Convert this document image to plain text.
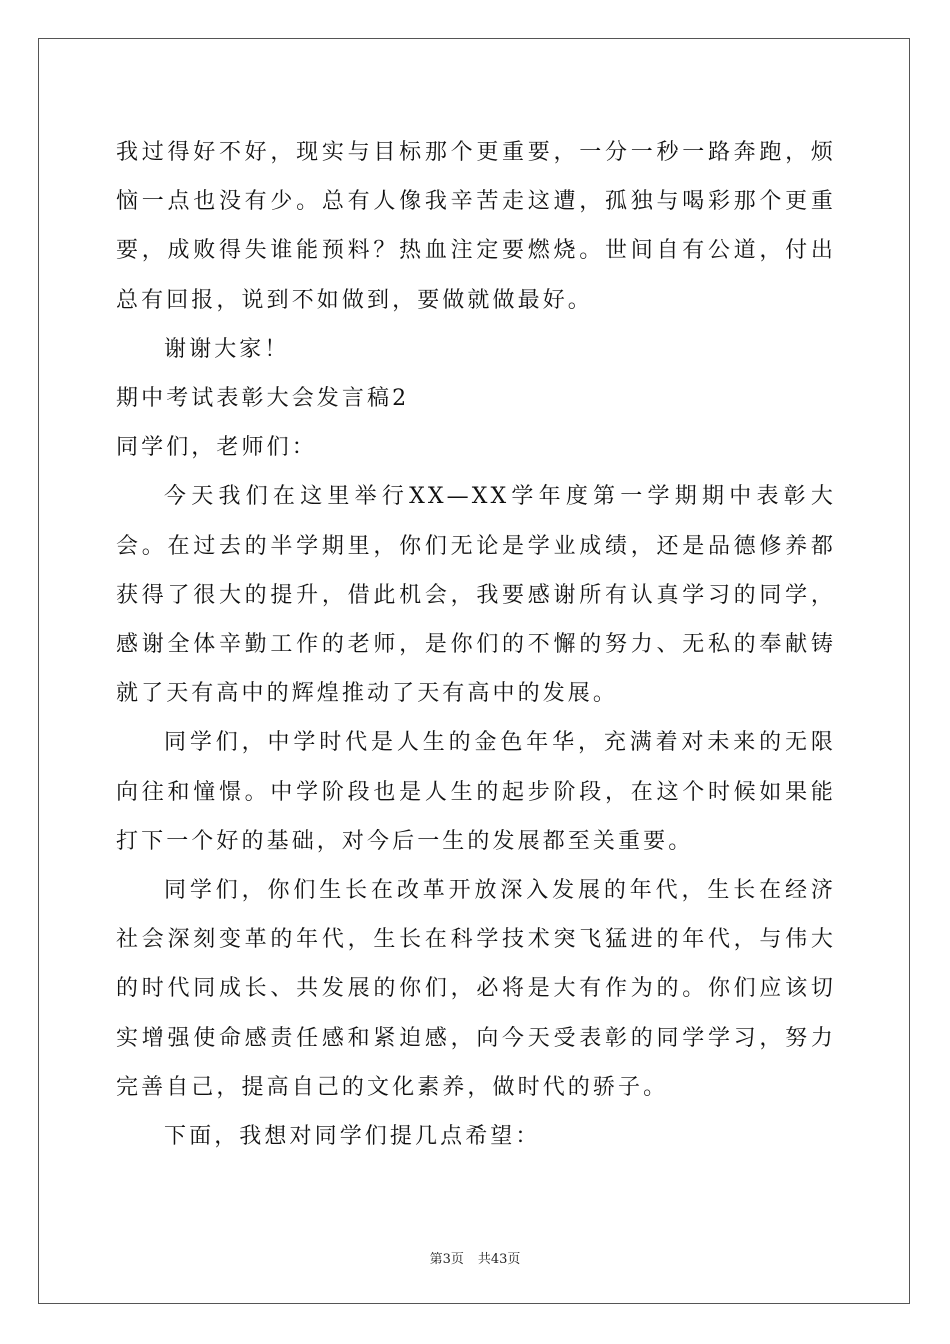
我过得好不好，现实与目标那个更重要，一分一秒一路奔跑，烦恼一点也没有少。总有人像我辛苦走这遭，孤独与喝彩那个更重要，成败得失谁能预料？热血注定要燃烧。世间自有公道，付出总有回报，说到不如做到，要做就做最好。

谢谢大家！

期中考试表彰大会发言稿2

同学们，老师们：

今天我们在这里举行XX—XX学年度第一学期期中表彰大会。在过去的半学期里，你们无论是学业成绩，还是品德修养都获得了很大的提升，借此机会，我要感谢所有认真学习的同学，感谢全体辛勤工作的老师，是你们的不懈的努力、无私的奉献铸就了天有高中的辉煌推动了天有高中的发展。

同学们，中学时代是人生的金色年华，充满着对未来的无限向往和憧憬。中学阶段也是人生的起步阶段，在这个时候如果能打下一个好的基础，对今后一生的发展都至关重要。

同学们，你们生长在改革开放深入发展的年代，生长在经济社会深刻变革的年代，生长在科学技术突飞猛进的年代，与伟大的时代同成长、共发展的你们，必将是大有作为的。你们应该切实增强使命感责任感和紧迫感，向今天受表彰的同学学习，努力完善自己，提高自己的文化素养，做时代的骄子。

下面，我想对同学们提几点希望：

第3页 共43页
